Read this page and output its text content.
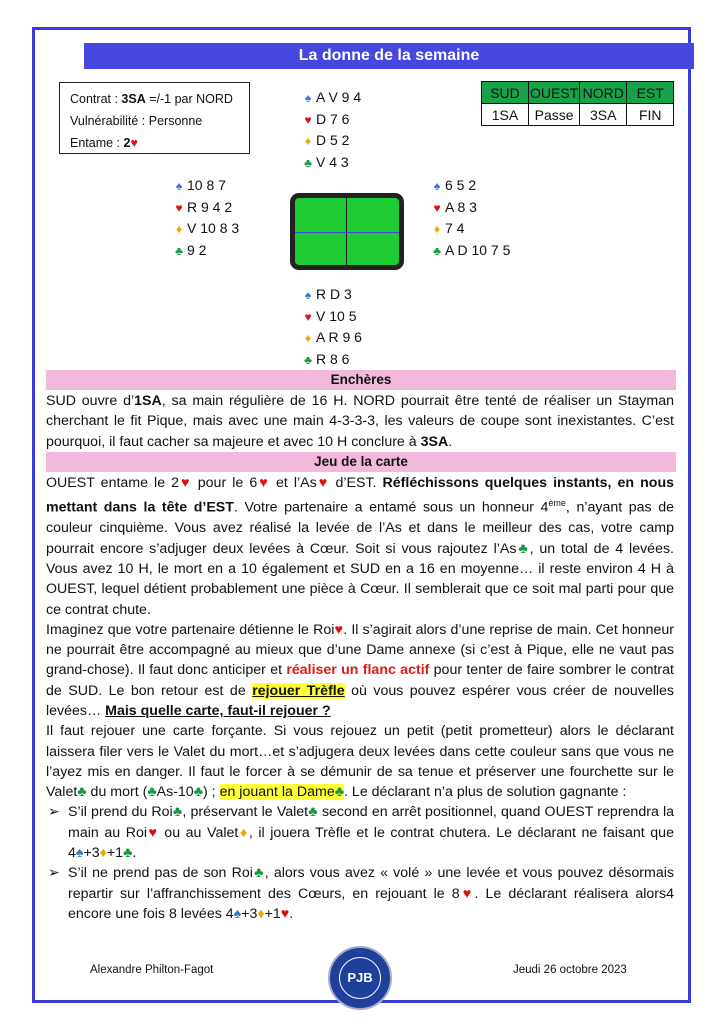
La donne de la semaine
Contrat : 3SA =/-1 par NORD
Vulnérabilité : Personne
Entame : 2♥
SUD	OUEST	NORD	EST
1SA	Passe	3SA	FIN
♠ A V 9 4
♥ D 7 6
♦ D 5 2
♣ V 4 3
♠ 10 8 7
♥ R 9 4 2
♦ V 10 8 3
♣ 9 2
♠ 6 5 2
♥ A 8 3
♦ 7 4
♣ A D 10 7 5
♠ R D 3
♥ V 10 5
♦ A R 9 6
♣ R 8 6
Enchères

SUD ouvre d’1SA, sa main régulière de 16 H. NORD pourrait être tenté de réaliser un Stayman cherchant le fit Pique, mais avec une main 4-3-3-3, les valeurs de coupe sont inexistantes. C’est pourquoi, il faut cacher sa majeure et avec 10 H conclure à 3SA.

Jeu de la carte

OUEST entame le 2♥ pour le 6♥ et l’As♥ d’EST. Réfléchissons quelques instants, en nous mettant dans la tête d’EST. Votre partenaire a entamé sous un honneur 4ème, n’ayant pas de couleur cinquième. Vous avez réalisé la levée de l’As et dans le meilleur des cas, votre camp pourrait encore s’adjuger deux levées à Cœur. Soit si vous rajoutez l’As♣, un total de 4 levées. Vous avez 10 H, le mort en a 10 également et SUD en a 16 en moyenne… il reste environ 4 H à OUEST, lequel détient probablement une pièce à Cœur. Il semblerait que ce soit mal parti pour que ce contrat chute.

Imaginez que votre partenaire détienne le Roi♥. Il s’agirait alors d’une reprise de main. Cet honneur ne pourrait être accompagné au mieux que d’une Dame annexe (si c’est à Pique, elle ne vaut pas grand-chose). Il faut donc anticiper et réaliser un flanc actif pour tenter de faire sombrer le contrat de SUD. Le bon retour est de rejouer Trèfle où vous pouvez espérer vous créer de nouvelles levées… Mais quelle carte, faut-il rejouer ?

Il faut rejouer une carte forçante. Si vous rejouez un petit (petit prometteur) alors le déclarant laissera filer vers le Valet du mort…et s’adjugera deux levées dans cette couleur sans que vous ne l’ayez mis en danger. Il faut le forcer à se démunir de sa tenue et préserver une fourchette sur le Valet♣ du mort (♣As-10♣) ; en jouant la Dame♣. Le déclarant n’a plus de solution gagnante :

➢ S’il prend du Roi♣, préservant le Valet♣ second en arrêt positionnel, quand OUEST reprendra la main au Roi♥ ou au Valet♦, il jouera Trèfle et le contrat chutera. Le déclarant ne faisant que 4♠+3♦+1♣.

➢ S’il ne prend pas de son Roi♣, alors vous avez « volé » une levée et vous pouvez désormais repartir sur l’affranchissement des Cœurs, en rejouant le 8♥. Le déclarant réalisera alors4 encore une fois 8 levées 4♠+3♦+1♥.

Alexandre Philton-Fagot	PJB	Jeudi 26 octobre 2023
